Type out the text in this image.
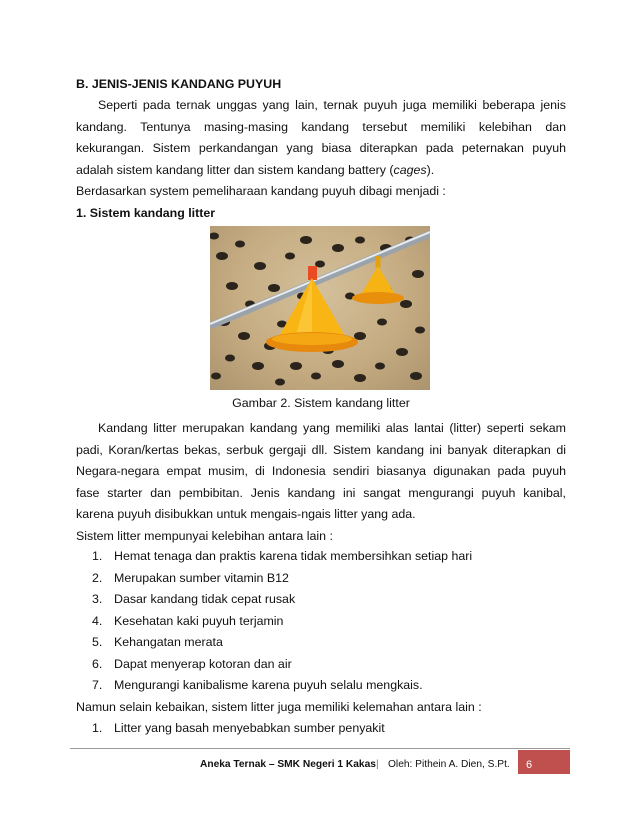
B. JENIS-JENIS KANDANG PUYUH
Seperti pada ternak unggas yang lain, ternak puyuh juga memiliki beberapa jenis
kandang. Tentunya masing-masing kandang tersebut memiliki kelebihan dan
kekurangan. Sistem perkandangan yang biasa diterapkan pada peternakan puyuh
adalah sistem kandang litter dan sistem kandang battery (cages).
Berdasarkan system pemeliharaan kandang puyuh dibagi menjadi :
1. Sistem kandang litter
Gambar 2. Sistem kandang litter
Kandang litter merupakan kandang yang memiliki alas lantai (litter) seperti sekam
padi, Koran/kertas bekas, serbuk gergaji dll. Sistem kandang ini banyak diterapkan di
Negara-negara empat musim, di Indonesia sendiri biasanya digunakan pada puyuh
fase starter dan pembibitan. Jenis kandang ini sangat mengurangi puyuh kanibal,
karena puyuh disibukkan untuk mengais-ngais litter yang ada.
Sistem litter mempunyai kelebihan antara lain :
1. Hemat tenaga dan praktis karena tidak membersihkan setiap hari
2. Merupakan sumber vitamin B12
3. Dasar kandang tidak cepat rusak
4. Kesehatan kaki puyuh terjamin
5. Kehangatan merata
6. Dapat menyerap kotoran dan air
7. Mengurangi kanibalisme karena puyuh selalu mengkais.
Namun selain kebaikan, sistem litter juga memiliki kelemahan antara lain :
1. Litter yang basah menyebabkan sumber penyakit
Aneka Ternak – SMK Negeri 1 Kakas | Oleh: Pithein A. Dien, S.Pt. 6
